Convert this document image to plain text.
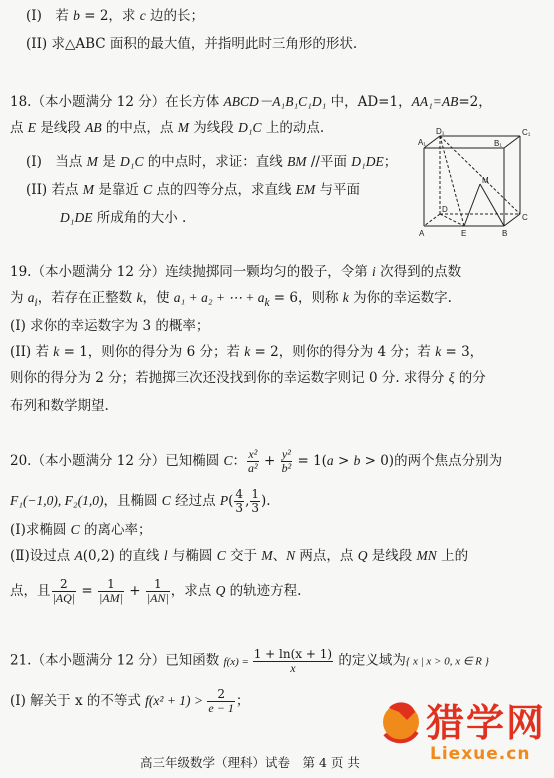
(I)　若 b = 2，求 c 边的长；
(II) 求△ABC 面积的最大值，并指明此时三角形的形状.
18.（本小题满分 12 分）在长方体 ABCD－A₁B₁C₁D₁ 中，AD=1，AA₁=AB=2，
点 E 是线段 AB 的中点，点 M 为线段 D₁C 上的动点.
(I)　当点 M 是 D₁C 的中点时，求证：直线 BM //平面 D₁DE；
(II) 若点 M 是靠近 C 点的四等分点，求直线 EM 与平面
D₁DE 所成角的大小 .
D₁	C₁
A₁	B₁
M
D
C
A	E	B
19.（本小题满分 12 分）连续抛掷同一颗均匀的骰子，令第 i 次得到的点数
为 $a_i$，若存在正整数 k，使 a₁ + a₂ + ⋯ + $a_k = 6$，则称 k 为你的幸运数字.
(I) 求你的幸运数字为 3 的概率；
(II) 若 k = 1，则你的得分为 6 分；若 k = 2，则你的得分为 4 分；若 k = 3，
则你的得分为 2 分；若抛掷三次还没找到你的幸运数字则记 0 分. 求得分 ξ 的分
布列和数学期望.
20.（本小题满分 12 分）已知椭圆 C： $\frac{\text{x²}}{\text{a²}} + \frac{\text{y²}}{\text{b²}} = 1(a > b > 0)$的两个焦点分别为
F₁(−1,0), F₂(1,0)，且椭圆 C 经过点 $P( \frac{4}{3}$ , $\frac{1}{3}$ ).
(Ⅰ)求椭圆 C 的离心率；
(Ⅱ)设过点 A(0,2) 的直线 l 与椭圆 C 交于 M、N 两点，点 Q 是线段 MN 上的
点，且 $\frac{2}{|AQ|} = \frac{1}{|AM|} + \frac{1}{|AN|}$ ，求点 Q 的轨迹方程.
21.（本小题满分 12 分）已知函数 $f(x) = \frac{1 + \ln(x + 1)}{x}$ 的定义域为{ x | x > 0, x ∈ R }
(I) 解关于 x 的不等式 $f(x^2 + 1) > \frac{2}{e - 1}$ ；
高三年级数学（理科）试卷　第 4 页 共
猎学网
Liexue.cn
